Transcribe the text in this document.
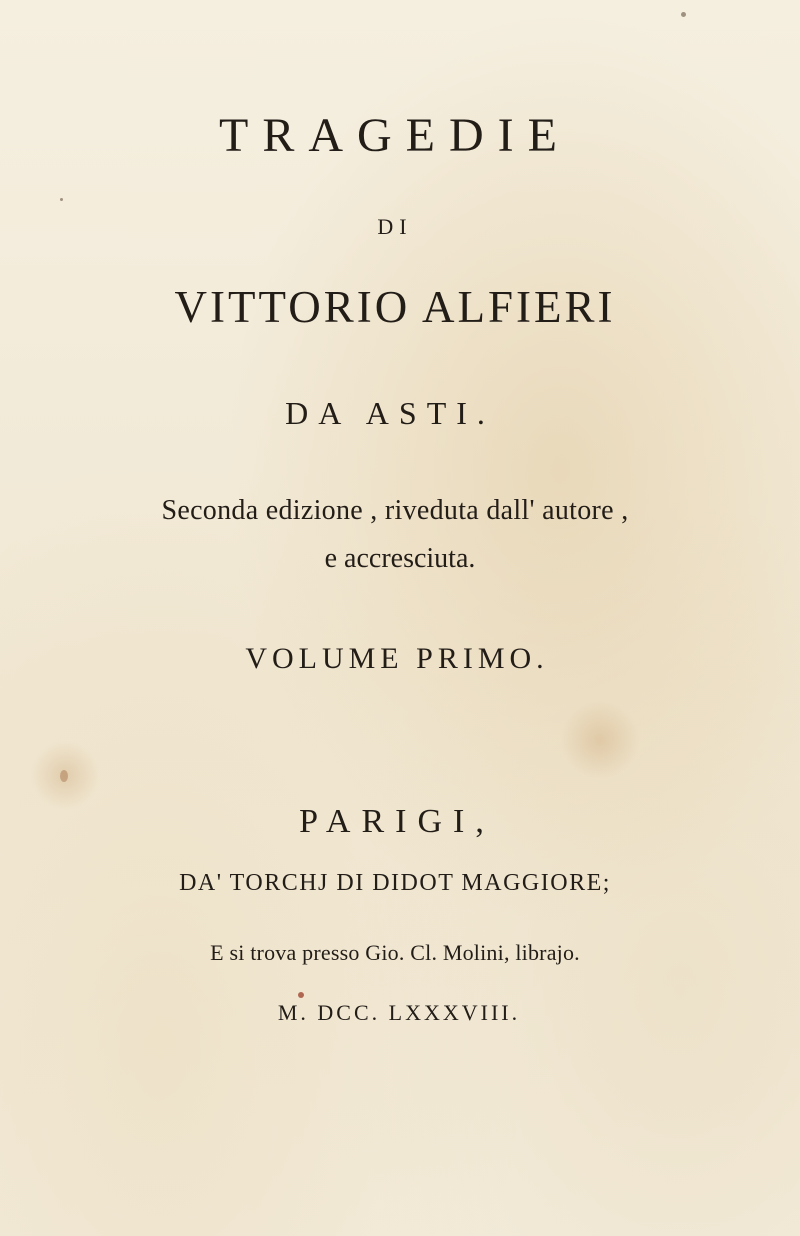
TRAGEDIE
DI
VITTORIO ALFIERI
DA ASTI.
Seconda edizione , riveduta dall' autore ,
e accresciuta.
VOLUME PRIMO.
PARIGI,
DA' TORCHJ DI DIDOT MAGGIORE;
E si trova presso Gio. Cl. Molini, librajo.
M. DCC. LXXXVIII.
